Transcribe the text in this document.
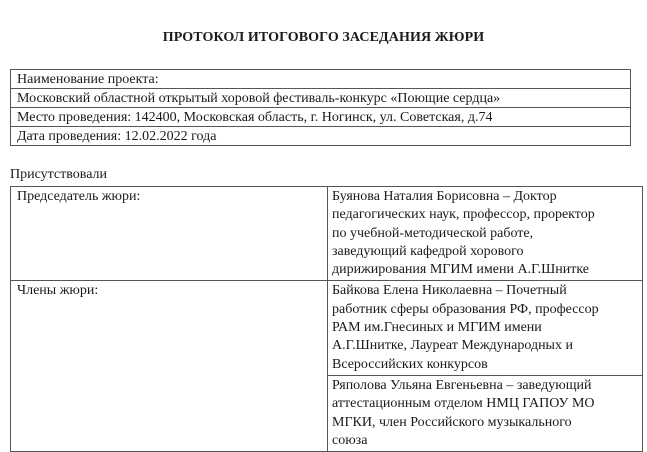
ПРОТОКОЛ ИТОГОВОГО ЗАСЕДАНИЯ ЖЮРИ
Наименование проекта:
Московский областной открытый хоровой фестиваль-конкурс «Поющие сердца»
Место проведения: 142400, Московская область, г. Ногинск, ул. Советская, д.74
Дата проведения: 12.02.2022 года
Присутствовали
Председатель жюри:	Буянова Наталия Борисовна – Доктор
педагогических наук, профессор, проректор
по учебной-методической работе,
заведующий кафедрой хорового
дирижирования МГИМ имени А.Г.Шнитке

Члены жюри:	Байкова Елена Николаевна – Почетный
работник сферы образования РФ, профессор
РАМ им.Гнесиных и МГИМ имени
А.Г.Шнитке, Лауреат Международных и
Всероссийских конкурсов

	Ряполова Ульяна Евгеньевна – заведующий
аттестационным отделом НМЦ ГАПОУ МО
МГКИ, член Российского музыкального
союза
